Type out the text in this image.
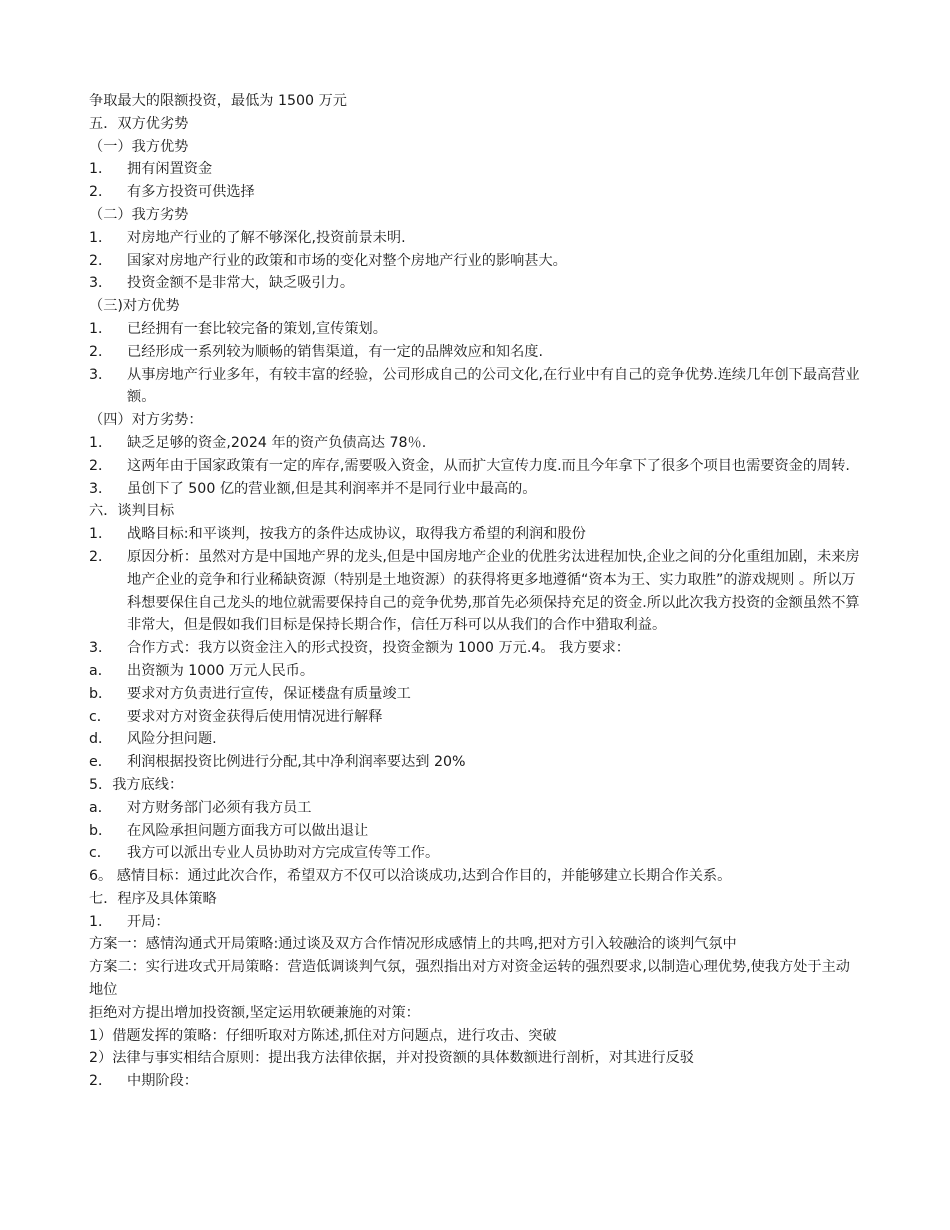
争取最大的限额投资，最低为 1500 万元
五．双方优劣势
（一）我方优势
1．	拥有闲置资金
2．	有多方投资可供选择
（二）我方劣势
1．	对房地产行业的了解不够深化,投资前景未明.
2．	国家对房地产行业的政策和市场的变化对整个房地产行业的影响甚大。
3．	投资金额不是非常大，缺乏吸引力。
（三)对方优势
1．	已经拥有一套比较完备的策划,宣传策划。
2．	已经形成一系列较为顺畅的销售渠道，有一定的品牌效应和知名度.
3．	从事房地产行业多年，有较丰富的经验，公司形成自己的公司文化,在行业中有自己的竞争优势.连续几年创下最高营业额。
（四）对方劣势：
1．	缺乏足够的资金,2024 年的资产负债高达 78％.
2．	这两年由于国家政策有一定的库存,需要吸入资金，从而扩大宣传力度.而且今年拿下了很多个项目也需要资金的周转.
3．	虽创下了 500 亿的营业额,但是其利润率并不是同行业中最高的。
六．谈判目标
1．	战略目标:和平谈判，按我方的条件达成协议，取得我方希望的利润和股份
2．	原因分析：虽然对方是中国地产界的龙头,但是中国房地产企业的优胜劣汰进程加快,企业之间的分化重组加剧，未来房地产企业的竞争和行业稀缺资源（特别是土地资源）的获得将更多地遵循“资本为王、实力取胜”的游戏规则 。所以万科想要保住自己龙头的地位就需要保持自己的竞争优势,那首先必须保持充足的资金.所以此次我方投资的金额虽然不算非常大，但是假如我们目标是保持长期合作，信任万科可以从我们的合作中猎取利益。
3．	合作方式：我方以资金注入的形式投资，投资金额为 1000 万元.4。 我方要求：
a．	出资额为 1000 万元人民币。
b．	要求对方负责进行宣传，保证楼盘有质量竣工
c．	要求对方对资金获得后使用情况进行解释
d．	风险分担问题.
e．	利润根据投资比例进行分配,其中净利润率要达到 20%
5．我方底线：
a．	对方财务部门必须有我方员工
b．	在风险承担问题方面我方可以做出退让
c．	我方可以派出专业人员协助对方完成宣传等工作。
6。 感情目标：通过此次合作，希望双方不仅可以洽谈成功,达到合作目的，并能够建立长期合作关系。
七．程序及具体策略
1．	开局：
方案一：感情沟通式开局策略:通过谈及双方合作情况形成感情上的共鸣,把对方引入较融洽的谈判气氛中
方案二：实行进攻式开局策略：营造低调谈判气氛，强烈指出对方对资金运转的强烈要求,以制造心理优势,使我方处于主动地位
拒绝对方提出增加投资额,坚定运用软硬兼施的对策：
1）借题发挥的策略：仔细听取对方陈述,抓住对方问题点，进行攻击、突破
2）法律与事实相结合原则：提出我方法律依据，并对投资额的具体数额进行剖析，对其进行反驳
2．	中期阶段：
